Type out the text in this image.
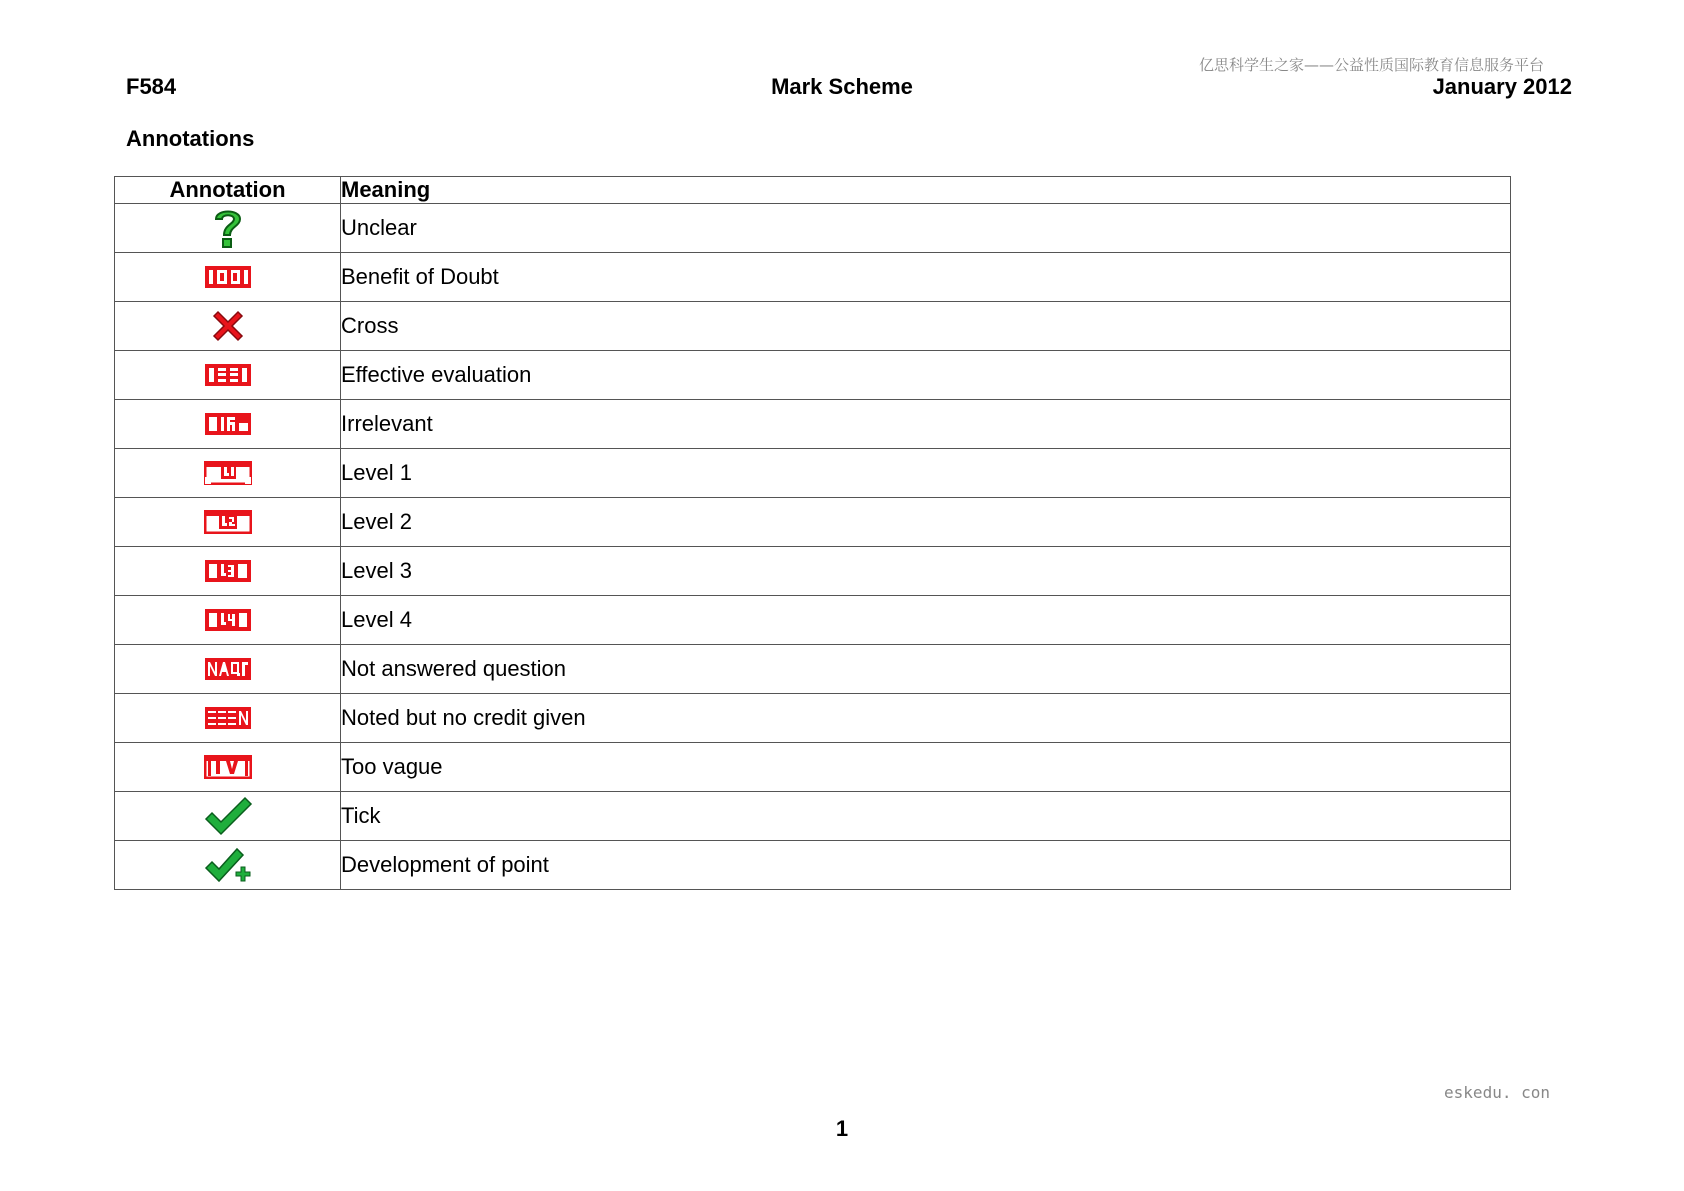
F584	Mark Scheme	January 2012
亿思科学生之家——公益性质国际教育信息服务平台
Annotations
Annotation	Meaning

	Unclear

	Benefit of Doubt

	Cross

	Effective evaluation

	Irrelevant

	Level 1

	Level 2

	Level 3

	Level 4

	Not answered question

	Noted but no credit given

	Too vague

	Tick

	Development of point
eskedu. con
1
